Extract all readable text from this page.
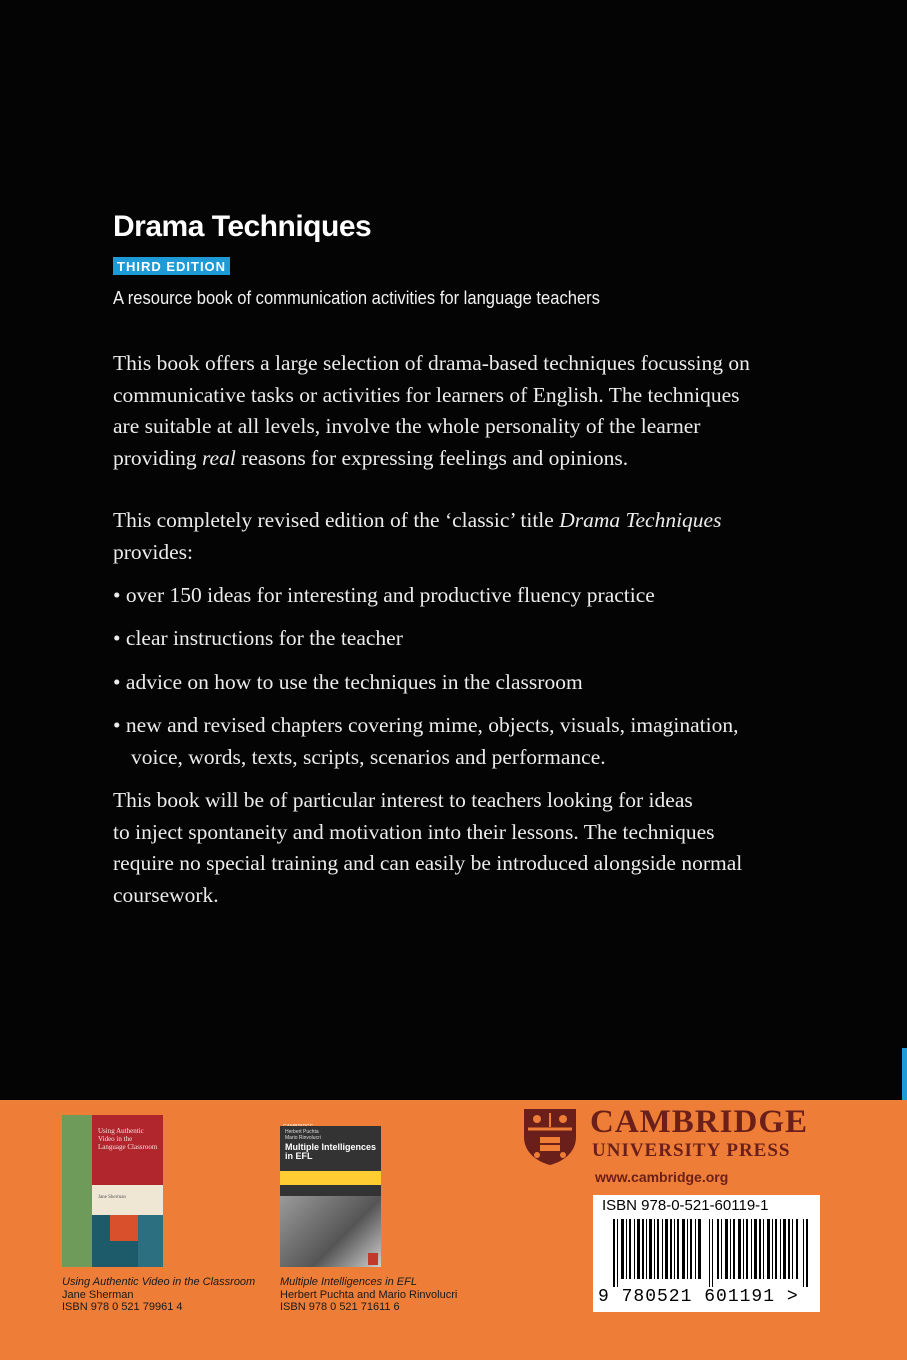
Drama Techniques
THIRD EDITION
A resource book of communication activities for language teachers

This book offers a large selection of drama-based techniques focussing on

communicative tasks or activities for learners of English. The techniques

are suitable at all levels, involve the whole personality of the learner

providing real reasons for expressing feelings and opinions.

This completely revised edition of the ‘classic’ title Drama Techniques

provides:

• over 150 ideas for interesting and productive fluency practice
• clear instructions for the teacher
• advice on how to use the techniques in the classroom
• new and revised chapters covering mime, objects, visuals, imagination,
voice, words, texts, scripts, scenarios and performance.

This book will be of particular interest to teachers looking for ideas

to inject spontaneity and motivation into their lessons. The techniques

require no special training and can easily be introduced alongside normal

coursework.

Using Authentic Video in the Language Classroom
Jane Sherman
Using Authentic Video in the Classroom
Jane Sherman
ISBN 978 0 521 79961 4
Herbert Puchta
Mario Rinvolucri
Multiple Intelligences in EFL
Multiple Intelligences in EFL
Herbert Puchta and Mario Rinvolucri
ISBN 978 0 521 71611 6
CAMBRIDGE
UNIVERSITY PRESS
www.cambridge.org
ISBN 978-0-521-60119-1
9 780521 601191 >
